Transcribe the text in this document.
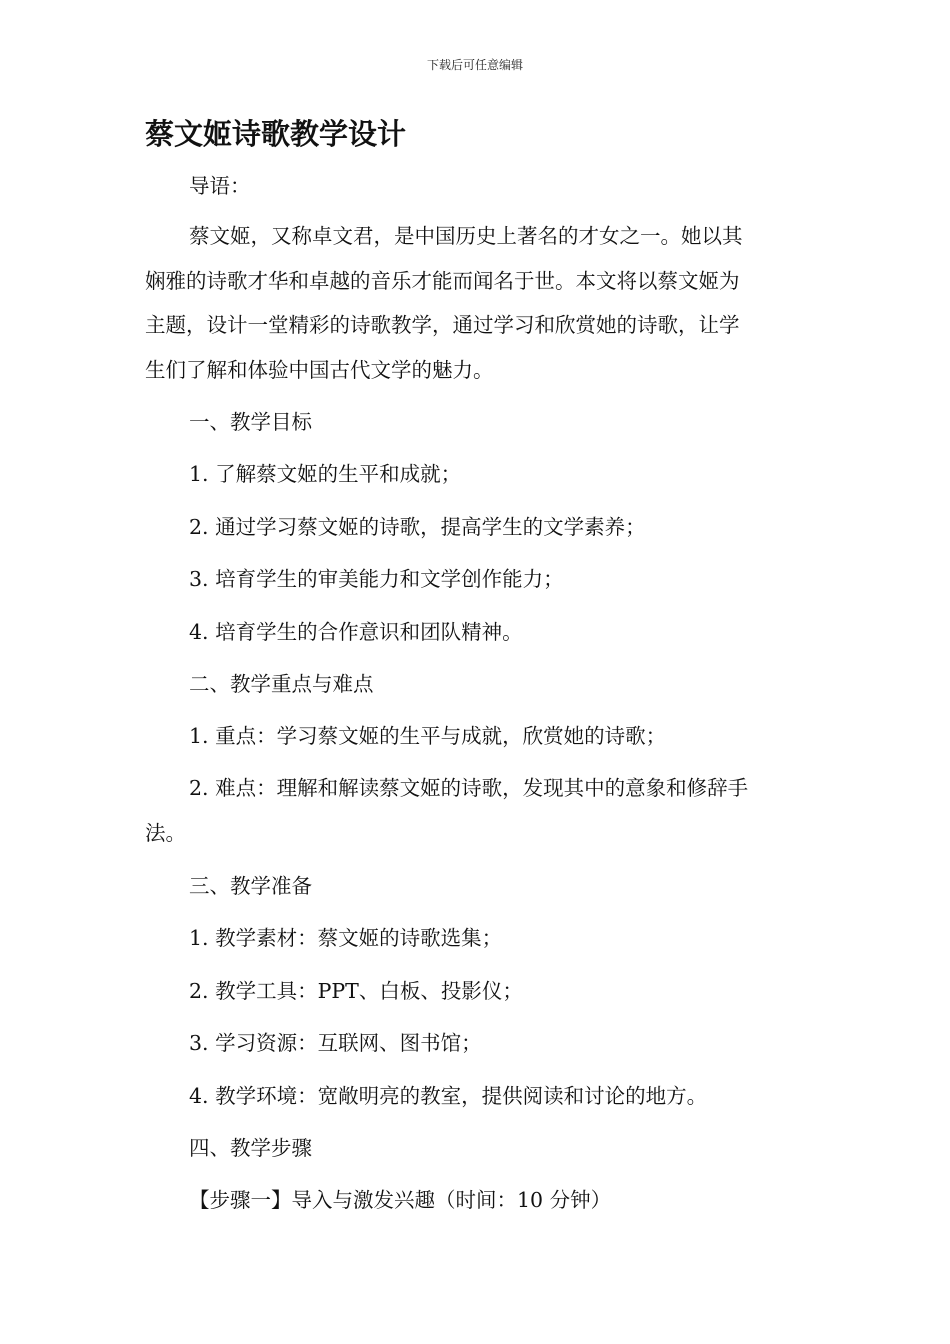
下载后可任意编辑
蔡文姬诗歌教学设计

导语：

蔡文姬，又称卓文君，是中国历史上著名的才女之一。她以其

娴雅的诗歌才华和卓越的音乐才能而闻名于世。本文将以蔡文姬为

主题，设计一堂精彩的诗歌教学，通过学习和欣赏她的诗歌，让学

生们了解和体验中国古代文学的魅力。

一、教学目标

1. 了解蔡文姬的生平和成就；

2. 通过学习蔡文姬的诗歌，提高学生的文学素养；

3. 培育学生的审美能力和文学创作能力；

4. 培育学生的合作意识和团队精神。

二、教学重点与难点

1. 重点：学习蔡文姬的生平与成就，欣赏她的诗歌；

2. 难点：理解和解读蔡文姬的诗歌，发现其中的意象和修辞手

法。

三、教学准备

1. 教学素材：蔡文姬的诗歌选集；

2. 教学工具：PPT、白板、投影仪；

3. 学习资源：互联网、图书馆；

4. 教学环境：宽敞明亮的教室，提供阅读和讨论的地方。

四、教学步骤

【步骤一】导入与激发兴趣（时间：10 分钟）
